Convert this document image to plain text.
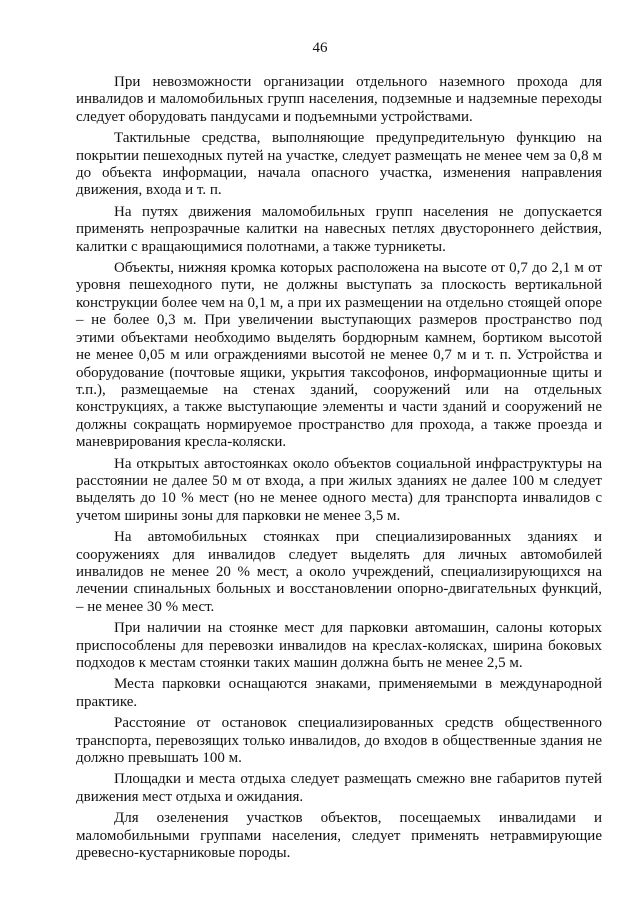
46

При невозможности организации отдельного наземного прохода для инвалидов и маломобильных групп населения, подземные и надземные переходы следует оборудовать пандусами и подъемными устройствами.

Тактильные средства, выполняющие предупредительную функцию на покрытии пешеходных путей на участке, следует размещать не менее чем за 0,8 м до объекта информации, начала опасного участка, изменения направления движения, входа и т. п.

На путях движения маломобильных групп населения не допускается применять непрозрачные калитки на навесных петлях двустороннего действия, калитки с вращающимися полотнами, а также турникеты.

Объекты, нижняя кромка которых расположена на высоте от 0,7 до 2,1 м от уровня пешеходного пути, не должны выступать за плоскость вертикальной конструкции более чем на 0,1 м, а при их размещении на отдельно стоящей опоре – не более 0,3 м. При увеличении выступающих размеров пространство под этими объектами необходимо выделять бордюрным камнем, бортиком высотой не менее 0,05 м или ограждениями высотой не менее 0,7 м и т. п. Устройства и оборудование (почтовые ящики, укрытия таксофонов, информационные щиты и т.п.), размещаемые на стенах зданий, сооружений или на отдельных конструкциях, а также выступающие элементы и части зданий и сооружений не должны сокращать нормируемое пространство для прохода, а также проезда и маневрирования кресла-коляски.

На открытых автостоянках около объектов социальной инфраструктуры на расстоянии не далее 50 м от входа, а при жилых зданиях не далее 100 м следует выделять до 10 % мест (но не менее одного места) для транспорта инвалидов с учетом ширины зоны для парковки не менее 3,5 м.

На автомобильных стоянках при специализированных зданиях и сооружениях для инвалидов следует выделять для личных автомобилей инвалидов не менее 20 % мест, а около учреждений, специализирующихся на лечении спинальных больных и восстановлении опорно-двигательных функций, – не менее 30 % мест.

При наличии на стоянке мест для парковки автомашин, салоны которых приспособлены для перевозки инвалидов на креслах-колясках, ширина боковых подходов к местам стоянки таких машин должна быть не менее 2,5 м.

Места парковки оснащаются знаками, применяемыми в международной практике.

Расстояние от остановок специализированных средств общественного транспорта, перевозящих только инвалидов, до входов в общественные здания не должно превышать 100 м.

Площадки и места отдыха следует размещать смежно вне габаритов путей движения мест отдыха и ожидания.

Для озеленения участков объектов, посещаемых инвалидами и маломобильными группами населения, следует применять нетравмирующие древесно-кустарниковые породы.
